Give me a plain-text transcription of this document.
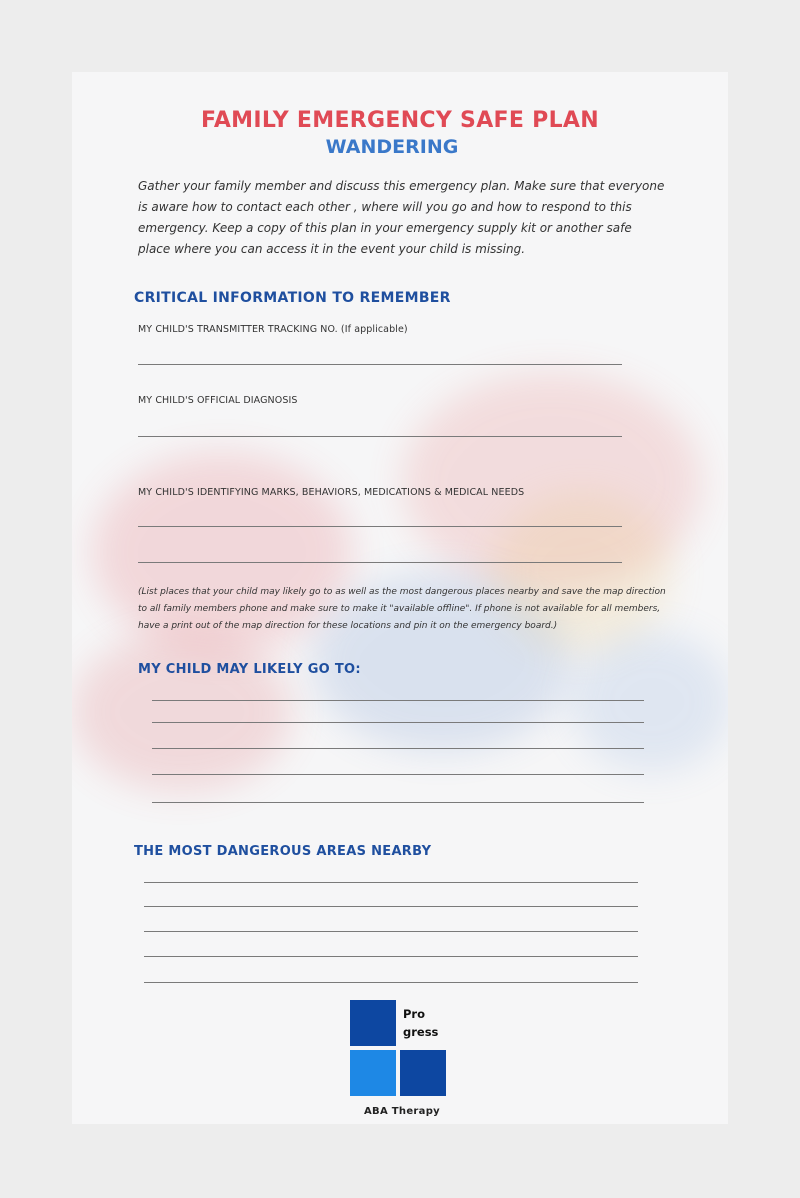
FAMILY EMERGENCY SAFE PLAN
WANDERING
Gather your family member and discuss this emergency plan. Make sure that everyone is aware how to contact each other , where will you go and how to respond to this emergency. Keep a copy of this plan in your emergency supply kit or another safe place where you can access it in the event your child is missing.
CRITICAL INFORMATION TO REMEMBER
MY CHILD'S TRANSMITTER TRACKING NO. (If applicable)
MY CHILD'S OFFICIAL DIAGNOSIS
MY CHILD'S IDENTIFYING MARKS, BEHAVIORS, MEDICATIONS & MEDICAL NEEDS
(List places that your child may likely go to as well as the most dangerous places nearby and save the map direction to all family members phone and make sure to make it "available offline". If phone is not available for all members, have a print out of the map direction for these locations and pin it on the emergency board.)
MY CHILD MAY LIKELY GO TO:
THE MOST DANGEROUS AREAS NEARBY
Pro
gress
ABA Therapy
